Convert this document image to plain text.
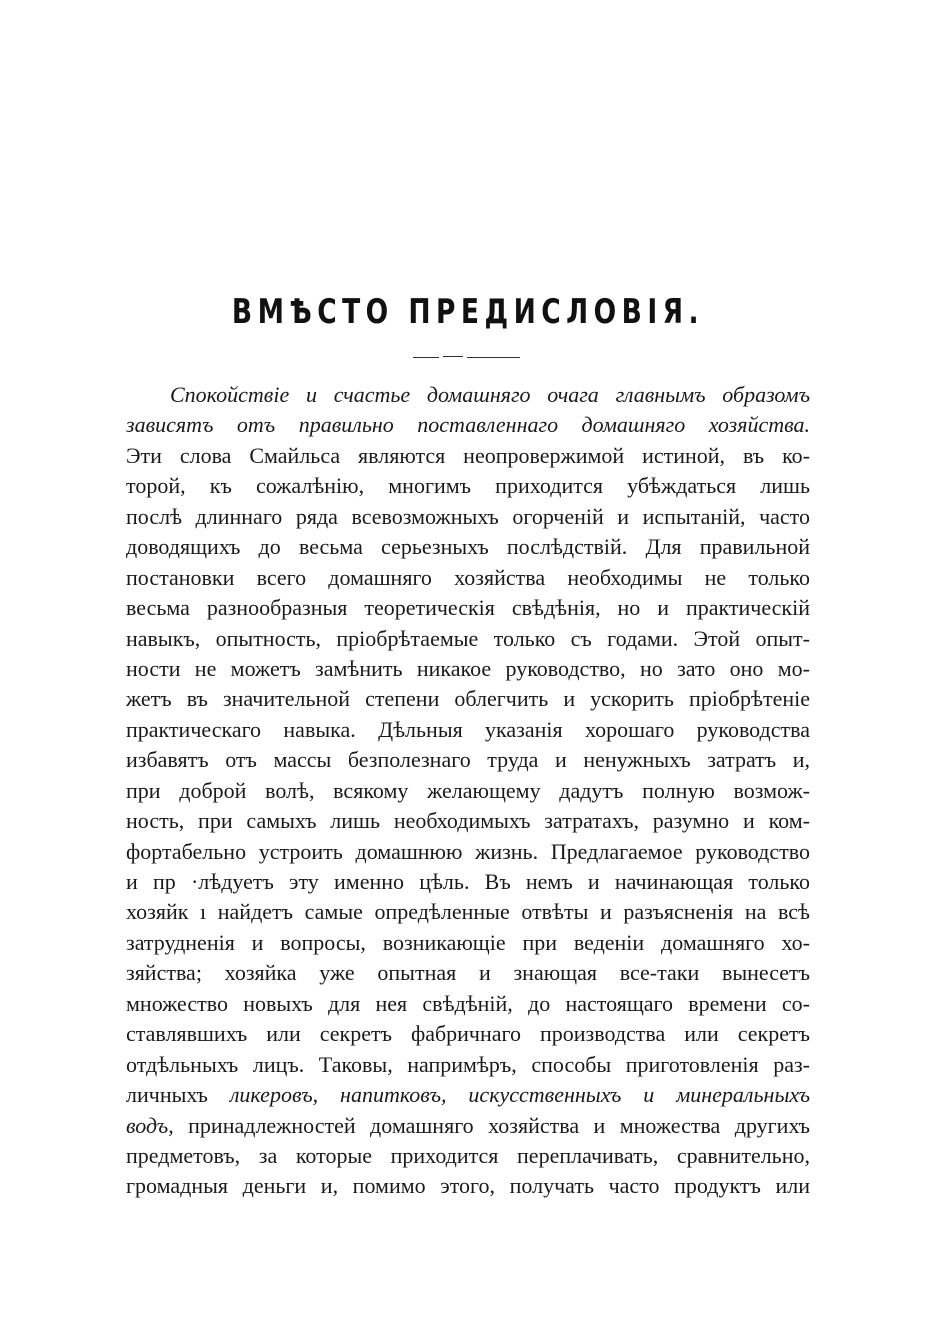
ВМѢСТО ПРЕДИСЛОВІЯ.
Спокойствіе и счастье домашняго очага главнымъ образомъ
зависятъ отъ правильно поставленнаго домашняго хозяйства.
Эти слова Смайльса являются неопровержимой истиной, въ ко-
торой, къ сожалѣнію, многимъ приходится убѣждаться лишь
послѣ длиннаго ряда всевозможныхъ огорченій и испытаній, часто
доводящихъ до весьма серьезныхъ послѣдствій. Для правильной
постановки всего домашняго хозяйства необходимы не только
весьма разнообразныя теоретическія свѣдѣнія, но и практическій
навыкъ, опытность, пріобрѣтаемые только съ годами. Этой опыт-
ности не можетъ замѣнить никакое руководство, но зато оно мо-
жетъ въ значительной степени облегчить и ускорить пріобрѣтеніе
практическаго навыка. Дѣльныя указанія хорошаго руководства
избавятъ отъ массы безполезнаго труда и ненужныхъ затратъ и,
при доброй волѣ, всякому желающему дадутъ полную возмож-
ность, при самыхъ лишь необходимыхъ затратахъ, разумно и ком-
фортабельно устроить домашнюю жизнь. Предлагаемое руководство
и пр ·лѣдуетъ эту именно цѣль. Въ немъ и начинающая только
хозяйк ı найдетъ самые опредѣленные отвѣты и разъясненія на всѣ
затрудненія и вопросы, возникающіе при веденіи домашняго хо-
зяйства; хозяйка уже опытная и знающая все-таки вынесетъ
множество новыхъ для нея свѣдѣній, до настоящаго времени со-
ставлявшихъ или секретъ фабричнаго производства или секретъ
отдѣльныхъ лицъ. Таковы, напримѣръ, способы приготовленія раз-
личныхъ ликеровъ, напитковъ, искусственныхъ и минеральныхъ
водъ, принадлежностей домашняго хозяйства и множества другихъ
предметовъ, за которые приходится переплачивать, сравнительно,
громадныя деньги и, помимо этого, получать часто продуктъ или
